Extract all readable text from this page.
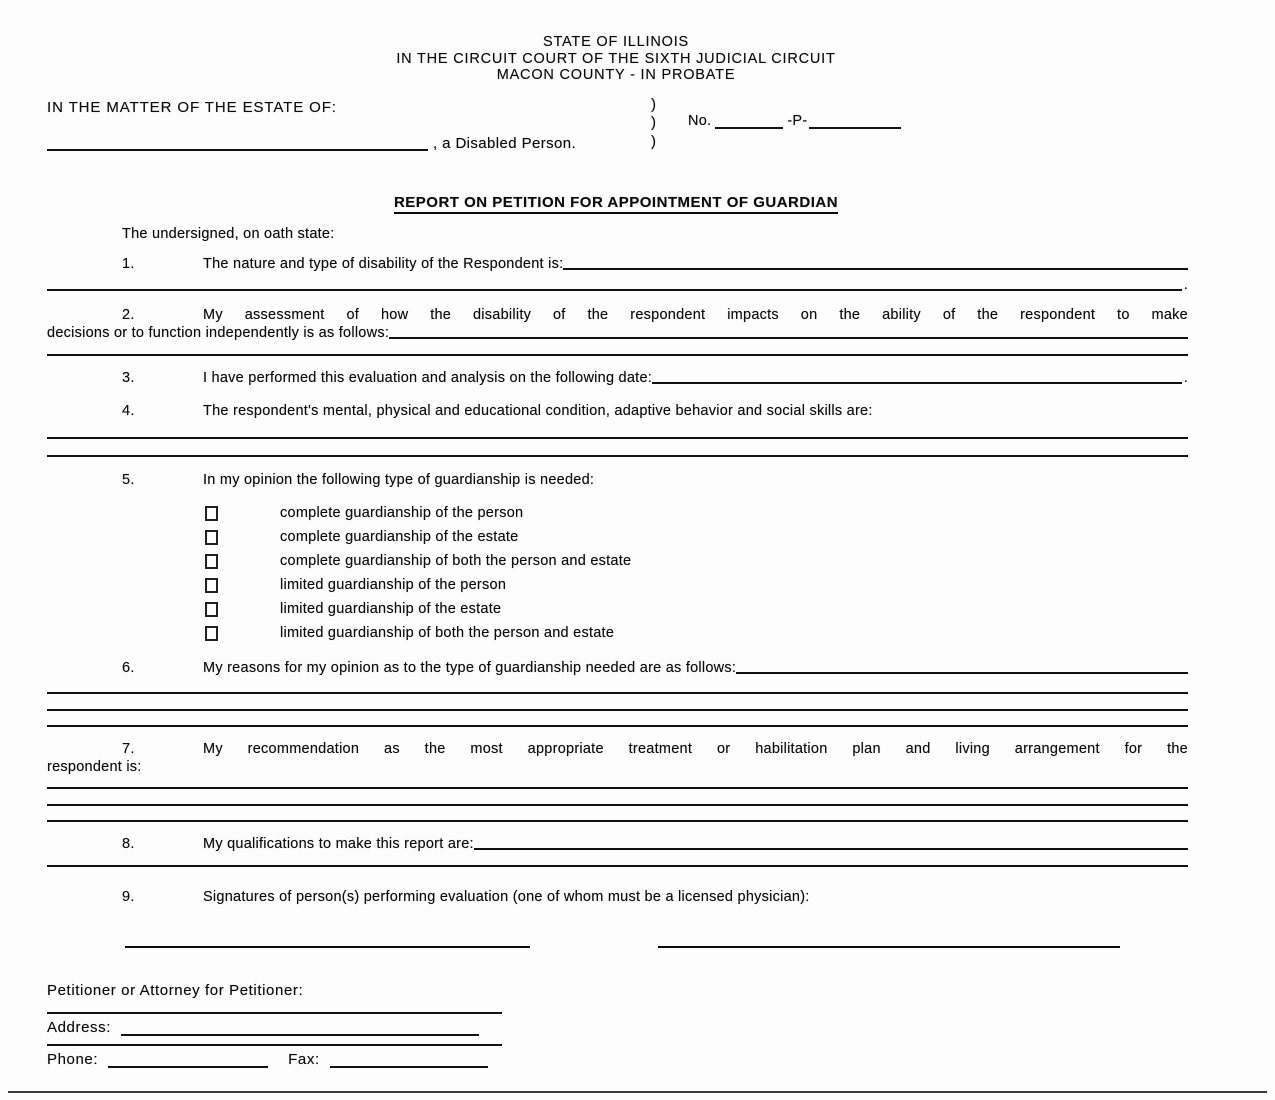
STATE OF ILLINOIS
IN THE CIRCUIT COURT OF THE SIXTH JUDICIAL CIRCUIT
MACON COUNTY - IN PROBATE
IN THE MATTER OF THE ESTATE OF:
, a Disabled Person.
)
)
)
No.	-P-
REPORT ON PETITION FOR APPOINTMENT OF GUARDIAN
The undersigned, on oath state:
1.	The nature and type of disability of the Respondent is:
.
2.	My assessment of how the disability of the respondent impacts on the ability of the respondent to make
decisions or to function independently is as follows:
3.	I have performed this evaluation and analysis on the following date:	.
4.	The respondent's mental, physical and educational condition, adaptive behavior and social skills are:
5.	In my opinion the following type of guardianship is needed:
complete guardianship of the person
complete guardianship of the estate
complete guardianship of both the person and estate
limited guardianship of the person
limited guardianship of the estate
limited guardianship of both the person and estate
6.	My reasons for my opinion as to the type of guardianship needed are as follows:
7.	My recommendation as the most appropriate treatment or habilitation plan and living arrangement for the
respondent is:
8.	My qualifications to make this report are:
9.	Signatures of person(s) performing evaluation (one of whom must be a licensed physician):
Petitioner or Attorney for Petitioner:
Address:
Phone:	Fax:
